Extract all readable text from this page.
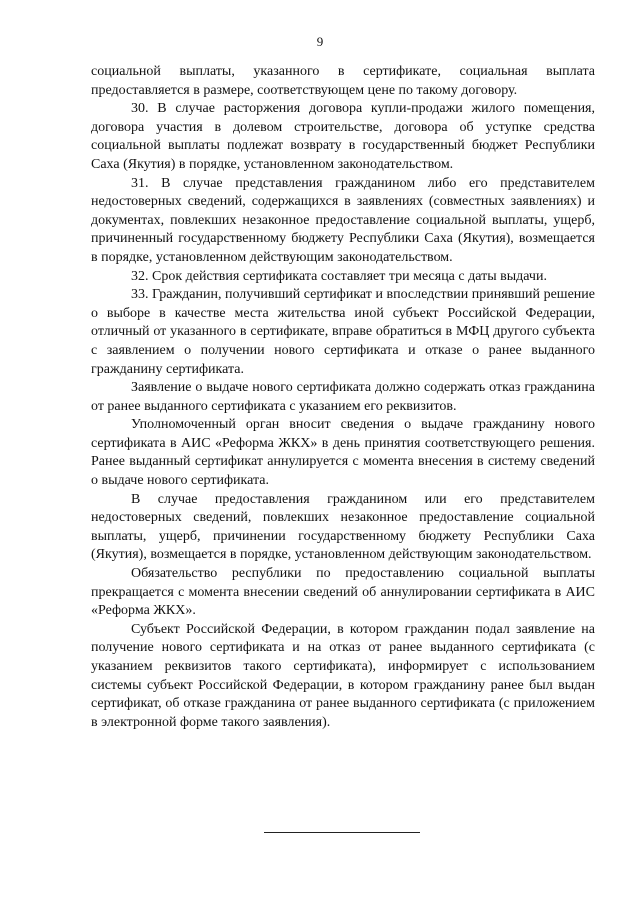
9

социальной выплаты, указанного в сертификате, социальная выплата предоставляется в размере, соответствующем цене по такому договору.

30. В случае расторжения договора купли-продажи жилого помещения, договора участия в долевом строительстве, договора об уступке средства социальной выплаты подлежат возврату в государственный бюджет Республики Саха (Якутия) в порядке, установленном законодательством.

31. В случае представления гражданином либо его представителем недостоверных сведений, содержащихся в заявлениях (совместных заявлениях) и документах, повлекших незаконное предоставление социальной выплаты, ущерб, причиненный государственному бюджету Республики Саха (Якутия), возмещается в порядке, установленном действующим законодательством.

32. Срок действия сертификата составляет три месяца с даты выдачи.

33. Гражданин, получивший сертификат и впоследствии принявший решение о выборе в качестве места жительства иной субъект Российской Федерации, отличный от указанного в сертификате, вправе обратиться в МФЦ другого субъекта с заявлением о получении нового сертификата и отказе о ранее выданного гражданину сертификата.

Заявление о выдаче нового сертификата должно содержать отказ гражданина от ранее выданного сертификата с указанием его реквизитов.

Уполномоченный орган вносит сведения о выдаче гражданину нового сертификата в АИС «Реформа ЖКХ» в день принятия соответствующего решения. Ранее выданный сертификат аннулируется с момента внесения в систему сведений о выдаче нового сертификата.

В случае предоставления гражданином или его представителем недостоверных сведений, повлекших незаконное предоставление социальной выплаты, ущерб, причинении государственному бюджету Республики Саха (Якутия), возмещается в порядке, установленном действующим законодательством.

Обязательство республики по предоставлению социальной выплаты прекращается с момента внесении сведений об аннулировании сертификата в АИС «Реформа ЖКХ».

Субъект Российской Федерации, в котором гражданин подал заявление на получение нового сертификата и на отказ от ранее выданного сертификата (с указанием реквизитов такого сертификата), информирует с использованием системы субъект Российской Федерации, в котором гражданину ранее был выдан сертификат, об отказе гражданина от ранее выданного сертификата (с приложением в электронной форме такого заявления).
